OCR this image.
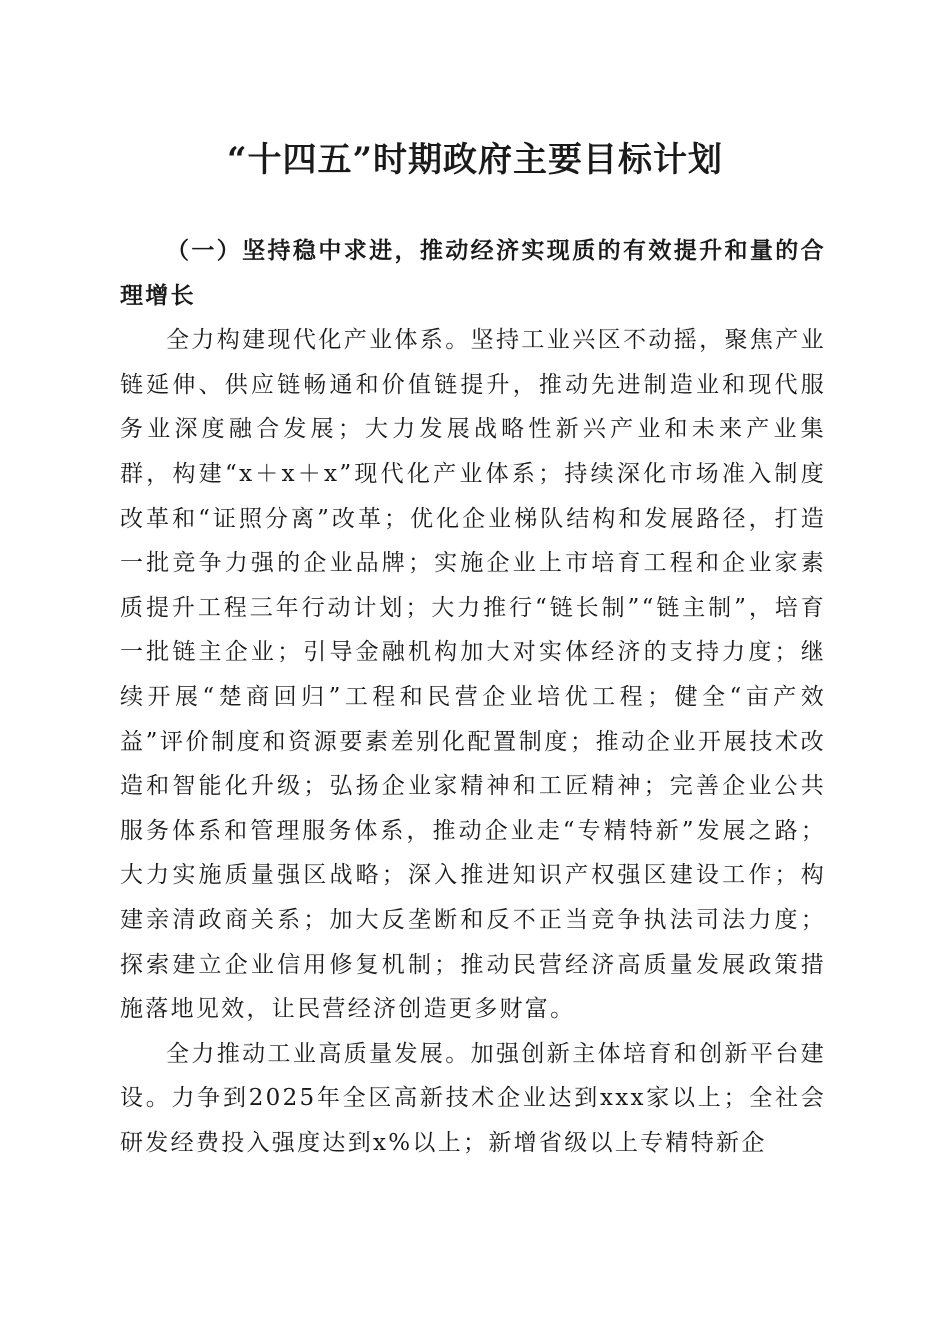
“十四五”时期政府主要目标计划

（一）坚持稳中求进，推动经济实现质的有效提升和量的合理增长

全力构建现代化产业体系。坚持工业兴区不动摇，聚焦产业链延伸、供应链畅通和价值链提升，推动先进制造业和现代服务业深度融合发展；大力发展战略性新兴产业和未来产业集群，构建“x＋x＋x”现代化产业体系；持续深化市场准入制度改革和“证照分离”改革；优化企业梯队结构和发展路径，打造一批竞争力强的企业品牌；实施企业上市培育工程和企业家素质提升工程三年行动计划；大力推行“链长制”“链主制”，培育一批链主企业；引导金融机构加大对实体经济的支持力度；继续开展“楚商回归”工程和民营企业培优工程；健全“亩产效益”评价制度和资源要素差别化配置制度；推动企业开展技术改造和智能化升级；弘扬企业家精神和工匠精神；完善企业公共服务体系和管理服务体系，推动企业走“专精特新”发展之路；大力实施质量强区战略；深入推进知识产权强区建设工作；构建亲清政商关系；加大反垄断和反不正当竞争执法司法力度；探索建立企业信用修复机制；推动民营经济高质量发展政策措施落地见效，让民营经济创造更多财富。

全力推动工业高质量发展。加强创新主体培育和创新平台建设。力争到2025年全区高新技术企业达到xxx家以上；全社会研发经费投入强度达到x%以上；新增省级以上专精特新企
